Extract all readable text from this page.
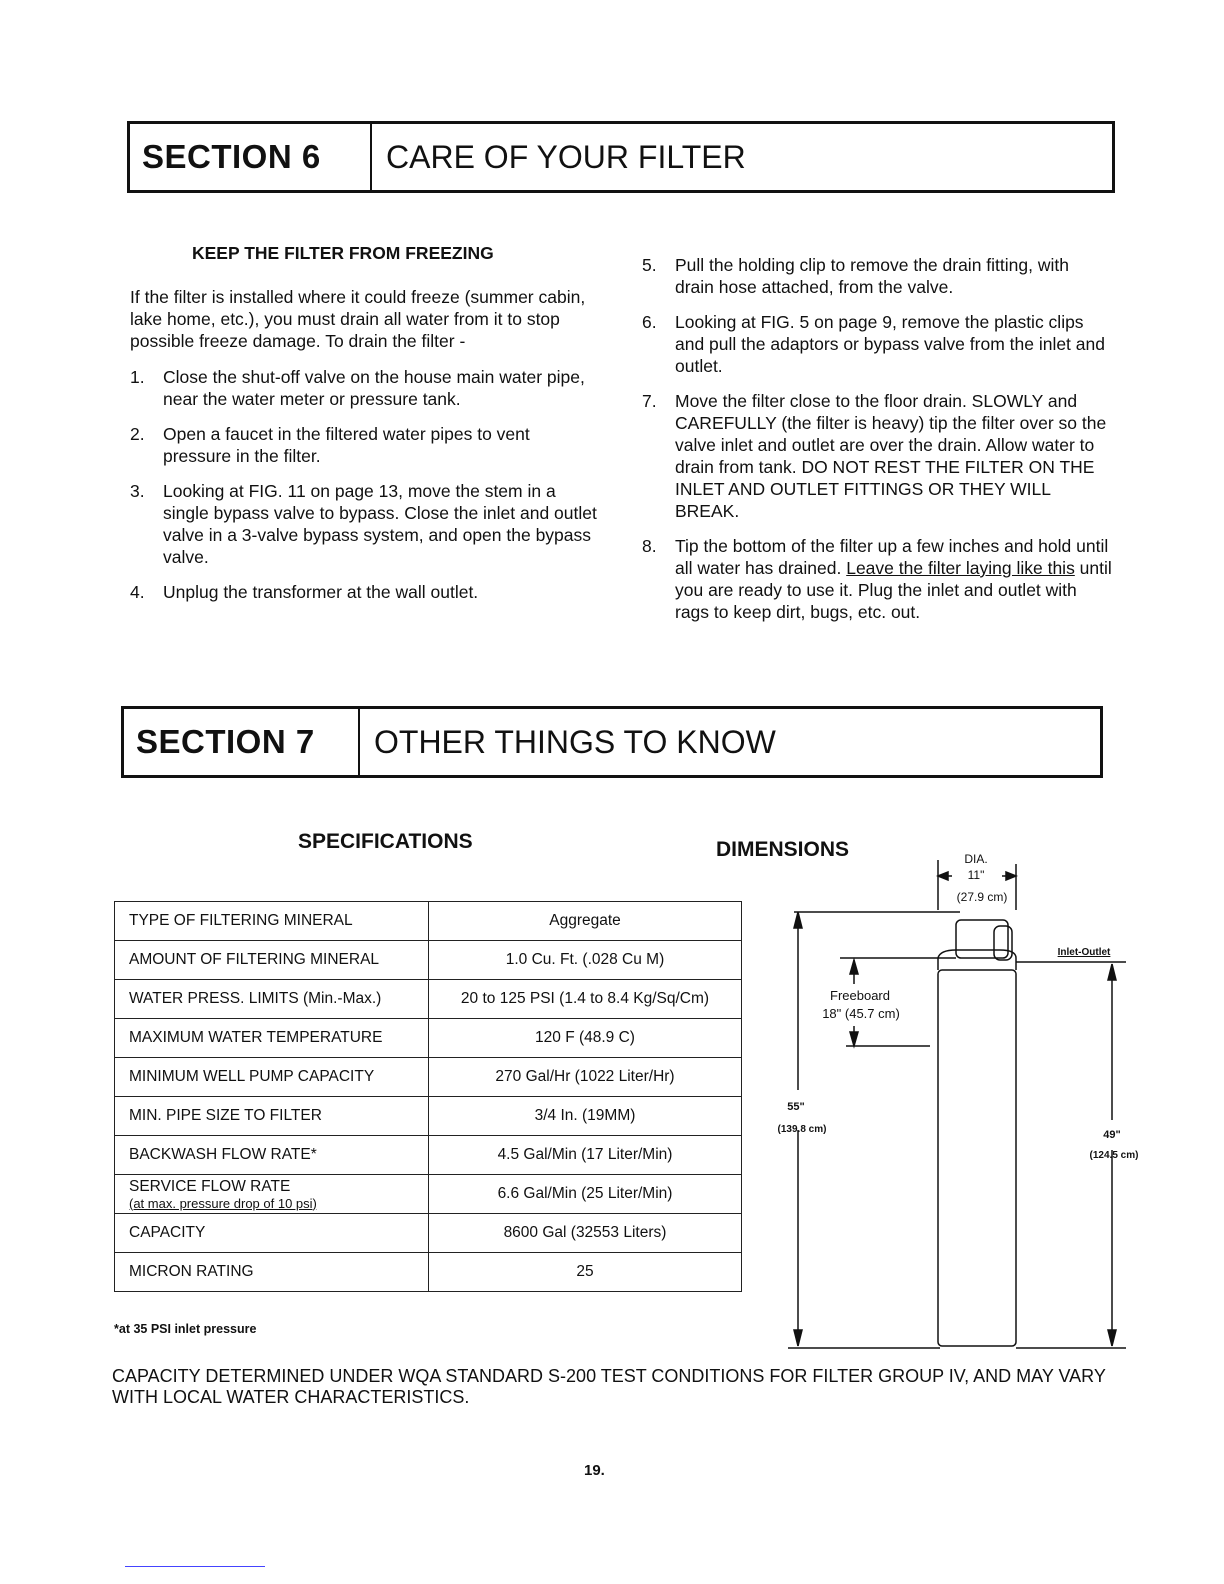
SECTION 6	CARE OF YOUR FILTER
KEEP THE FILTER FROM FREEZING

If the filter is installed where it could freeze (summer cabin, lake home, etc.), you must drain all water from it to stop possible freeze damage. To drain the filter -

1. Close the shut-off valve on the house main water pipe, near the water meter or pressure tank.
2. Open a faucet in the filtered water pipes to vent pressure in the filter.
3. Looking at FIG. 11 on page 13, move the stem in a single bypass valve to bypass. Close the inlet and outlet valve in a 3-valve bypass system, and open the bypass valve.
4. Unplug the transformer at the wall outlet.
5. Pull the holding clip to remove the drain fitting, with drain hose attached, from the valve.
6. Looking at FIG. 5 on page 9, remove the plastic clips and pull the adaptors or bypass valve from the inlet and outlet.
7. Move the filter close to the floor drain. SLOWLY and CAREFULLY (the filter is heavy) tip the filter over so the valve inlet and outlet are over the drain. Allow water to drain from tank. DO NOT REST THE FILTER ON THE INLET AND OUTLET FITTINGS OR THEY WILL BREAK.
8. Tip the bottom of the filter up a few inches and hold until all water has drained. Leave the filter laying like this until you are ready to use it. Plug the inlet and outlet with rags to keep dirt, bugs, etc. out.
SECTION 7	OTHER THINGS TO KNOW
SPECIFICATIONS	DIMENSIONS
TYPE OF FILTERING MINERAL	Aggregate

AMOUNT OF FILTERING MINERAL	1.0 Cu. Ft. (.028 Cu M)

WATER PRESS. LIMITS (Min.-Max.)	20 to 125 PSI (1.4 to 8.4 Kg/Sq/Cm)

MAXIMUM WATER TEMPERATURE	120 F (48.9 C)

MINIMUM WELL PUMP CAPACITY	270 Gal/Hr (1022 Liter/Hr)

MIN. PIPE SIZE TO FILTER	3/4 In. (19MM)

BACKWASH FLOW RATE*	4.5 Gal/Min (17 Liter/Min)

SERVICE FLOW RATE
(at max. pressure drop of 10 psi)	6.6 Gal/Min (25 Liter/Min)

CAPACITY	8600 Gal (32553 Liters)

MICRON RATING	25
*at 35 PSI inlet pressure
DIA.
11"
(27.9 cm)
Inlet-Outlet
Freeboard
18" (45.7 cm)
55"
(139.8 cm)	49"
(124.5 cm)
CAPACITY DETERMINED UNDER WQA STANDARD S-200 TEST CONDITIONS FOR FILTER GROUP IV, AND MAY VARY WITH LOCAL WATER CHARACTERISTICS.
19.
